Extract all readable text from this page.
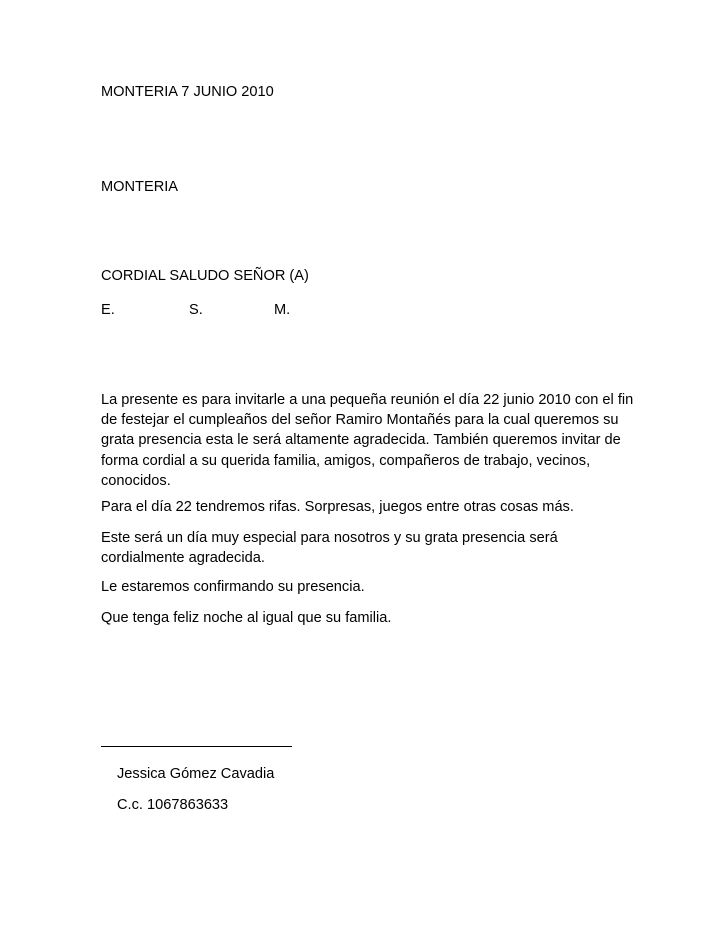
MONTERIA 7 JUNIO 2010
MONTERIA
CORDIAL SALUDO SEÑOR (A)
E.	S.	M.
La presente es para invitarle a una pequeña reunión el día 22 junio 2010 con el fin
de festejar el cumpleaños del señor Ramiro Montañés para la cual queremos su
grata presencia esta le será altamente agradecida. También queremos invitar de
forma cordial a su querida familia, amigos, compañeros de trabajo, vecinos,
conocidos.
Para el día 22 tendremos rifas. Sorpresas, juegos entre otras cosas más.
Este será un día muy especial para nosotros y su grata presencia será
cordialmente agradecida.
Le estaremos confirmando su presencia.
Que tenga feliz noche al igual que su familia.
Jessica Gómez Cavadia
C.c. 1067863633
